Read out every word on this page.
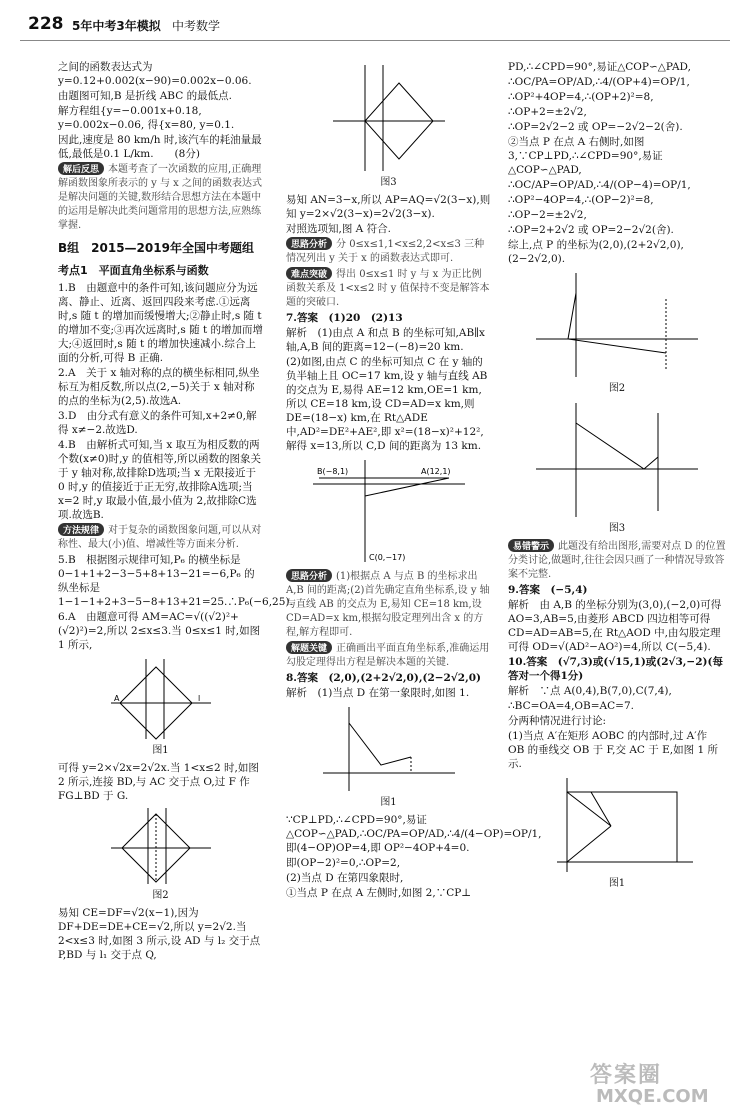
228 5年中考3年模拟 中考数学

之间的函数表达式为 y=0.12+0.002(x−90)=0.002x−0.06.

由题图可知,B 是折线 ABC 的最低点.

解方程组{y=−0.001x+0.18, y=0.002x−0.06, 得{x=80, y=0.1.

因此,速度是 80 km/h 时,该汽车的耗油量最低,最低是0.1 L/km.　　(8分)

解后反思 本题考查了一次函数的应用,正确理解函数图象所表示的 y 与 x 之间的函数表达式是解决问题的关键,数形结合思想方法在本题中的运用是解决此类问题常用的思想方法,应熟练掌握.

B组　2015—2019年全国中考题组
考点1　平面直角坐标系与函数

1.B　由题意中的条件可知,该问题应分为远离、静止、近离、返回四段来考虑.①远离时,s 随 t 的增加而缓慢增大;②静止时,s 随 t 的增加不变;③再次远离时,s 随 t 的增加而增大;④返回时,s 随 t 的增加快速减小.综合上面的分析,可得 B 正确.

2.A　关于 x 轴对称的点的横坐标相同,纵坐标互为相反数,所以点(2,−5)关于 x 轴对称的点的坐标为(2,5).故选A.

3.D　由分式有意义的条件可知,x+2≠0,解得 x≠−2.故选D.

4.B　由解析式可知,当 x 取互为相反数的两个数(x≠0)时,y 的值相等,所以函数的图象关于 y 轴对称,故排除D选项;当 x 无限接近于 0 时,y 的值接近于正无穷,故排除A选项;当 x=2 时,y 取最小值,最小值为 2,故排除C选项.故选B.

方法规律 对于复杂的函数图象问题,可以从对称性、最大(小)值、增减性等方面来分析.

5.B　根据图示规律可知,P₆ 的横坐标是 0−1+1+2−3−5+8+13−21=−6,P₆ 的纵坐标是 1−1−1+2+3−5−8+13+21=25.∴P₆(−6,25).

6.A　由题意可得 AM=AC=√((√2)²+(√2)²)=2,所以 2≤x≤3.当 0≤x≤1 时,如图 1 所示,

A	l
图1

可得 y=2×√2x=2√2x.当 1<x≤2 时,如图 2 所示,连接 BD,与 AC 交于点 O,过 F 作 FG⊥BD 于 G.

图2

易知 CE=DF=√2(x−1),因为 DF+DE=DE+CE=√2,所以 y=2√2.当 2<x≤3 时,如图 3 所示,设 AD 与 l₂ 交于点 P,BD 与 l₁ 交于点 Q,

图3

易知 AN=3−x,所以 AP=AQ=√2(3−x),则知 y=2×√2(3−x)=2√2(3−x).

对照选项知,图 A 符合.

思路分析 分 0≤x≤1,1<x≤2,2<x≤3 三种情况列出 y 关于 x 的函数表达式即可.

难点突破 得出 0≤x≤1 时 y 与 x 为正比例函数关系及 1<x≤2 时 y 值保持不变是解答本题的突破口.

7.答案　(1)20　(2)13

解析　(1)由点 A 和点 B 的坐标可知,AB∥x 轴,A,B 间的距离=12−(−8)=20 km.

(2)如图,由点 C 的坐标可知点 C 在 y 轴的负半轴上且 OC=17 km,设 y 轴与直线 AB 的交点为 E,易得 AE=12 km,OE=1 km,所以 CE=18 km,设 CD=AD=x km,则 DE=(18−x) km,在 Rt△ADE 中,AD²=DE²+AE²,即 x²=(18−x)²+12²,解得 x=13,所以 C,D 间的距离为 13 km.

B(−8,1)	A(12,1)
C(0,−17)

思路分析 (1)根据点 A 与点 B 的坐标求出 A,B 间的距离;(2)首先确定直角坐标系,设 y 轴与直线 AB 的交点为 E,易知 CE=18 km,设 CD=AD=x km,根据勾股定理列出含 x 的方程,解方程即可.

解题关键 正确画出平面直角坐标系,准确运用勾股定理得出方程是解决本题的关键.

8.答案　(2,0),(2+2√2,0),(2−2√2,0)

解析　(1)当点 D 在第一象限时,如图 1.

图1

∵CP⊥PD,∴∠CPD=90°,易证△COP∽△PAD,∴OC/PA=OP/AD,∴4/(4−OP)=OP/1,即(4−OP)OP=4,即 OP²−4OP+4=0.

即(OP−2)²=0,∴OP=2,

(2)当点 D 在第四象限时,

①当点 P 在点 A 左侧时,如图 2,∵CP⊥

PD,∴∠CPD=90°,易证△COP∽△PAD,

∴OC/PA=OP/AD,∴4/(OP+4)=OP/1,

∴OP²+4OP=4,∴(OP+2)²=8,

∴OP+2=±2√2,

∴OP=2√2−2 或 OP=−2√2−2(舍).

②当点 P 在点 A 右侧时,如图 3,∵CP⊥PD,∴∠CPD=90°,易证△COP∽△PAD,

∴OC/AP=OP/AD,∴4/(OP−4)=OP/1,

∴OP²−4OP=4,∴(OP−2)²=8,

∴OP−2=±2√2,

∴OP=2+2√2 或 OP=2−2√2(舍).

综上,点 P 的坐标为(2,0),(2+2√2,0),(2−2√2,0).

图2
图3

易错警示 此题没有给出图形,需要对点 D 的位置分类讨论,做题时,往往会因只画了一种情况导致答案不完整.

9.答案　(−5,4)

解析　由 A,B 的坐标分别为(3,0),(−2,0)可得 AO=3,AB=5,由菱形 ABCD 四边相等可得 CD=AD=AB=5,在 Rt△AOD 中,由勾股定理可得 OD=√(AD²−AO²)=4,所以 C(−5,4).

10.答案　(√7,3)或(√15,1)或(2√3,−2)(每答对一个得1分)

解析　∵点 A(0,4),B(7,0),C(7,4),

∴BC=OA=4,OB=AC=7.

分两种情况进行讨论:

(1)当点 A′在矩形 AOBC 的内部时,过 A′作 OB 的垂线交 OB 于 F,交 AC 于 E,如图 1 所示.

图1
答案圈
MXQE.COM
